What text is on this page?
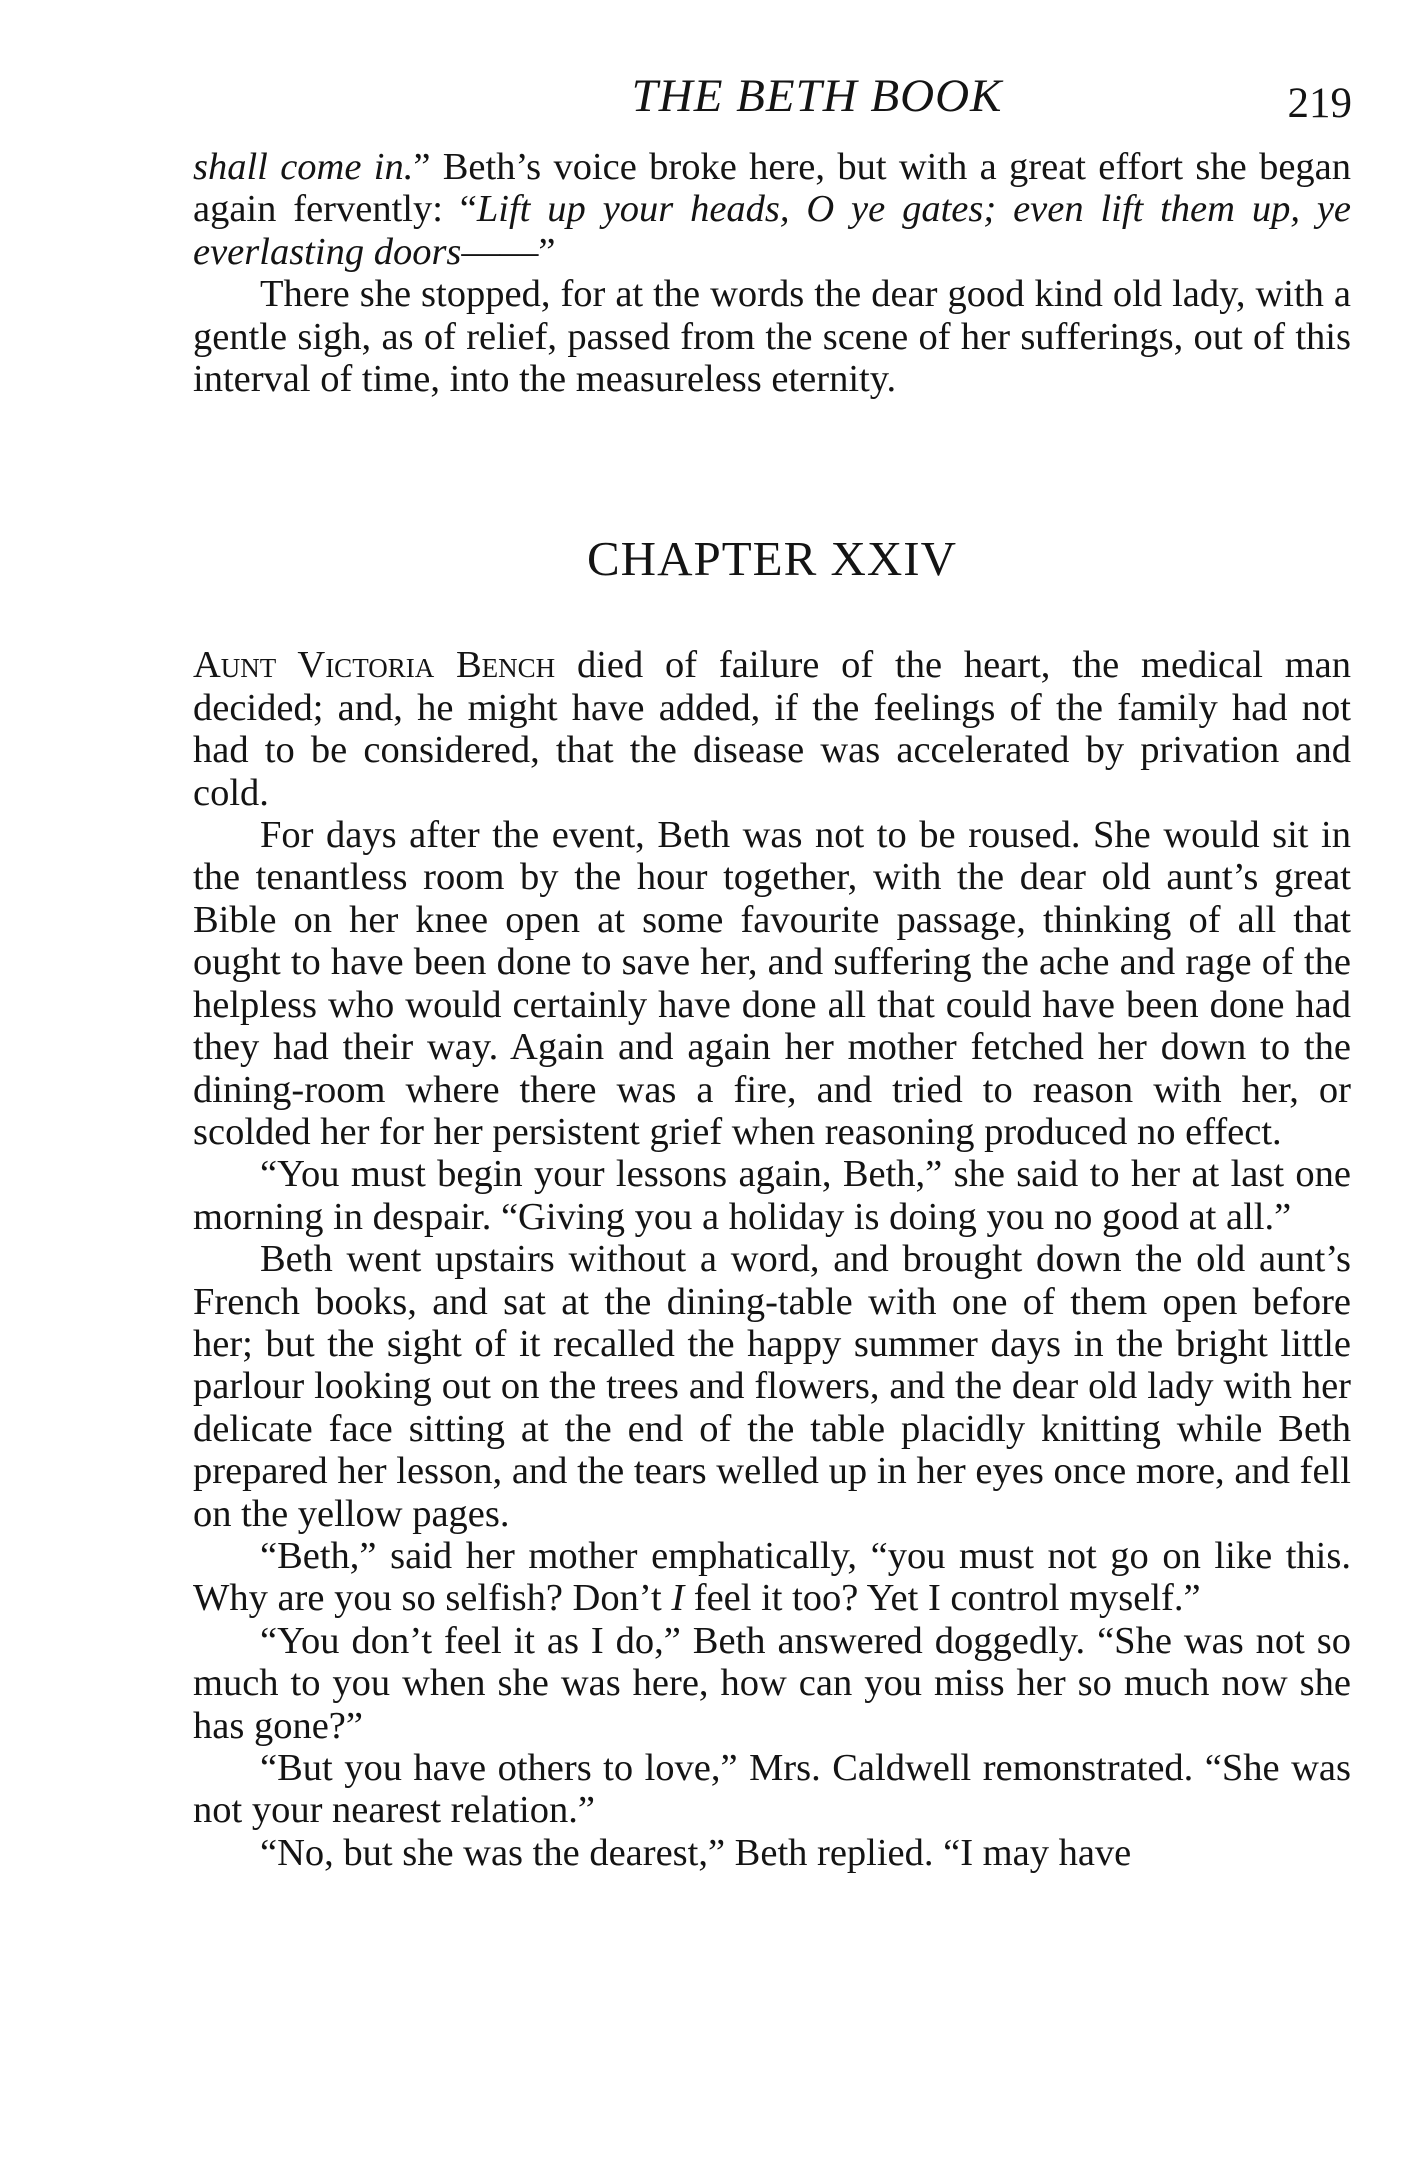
THE BETH BOOK	219

shall come in.” Beth’s voice broke here, but with a great effort she began again fervently: “Lift up your heads, O ye gates; even lift them up, ye everlasting doors——”

There she stopped, for at the words the dear good kind old lady, with a gentle sigh, as of relief, passed from the scene of her sufferings, out of this interval of time, into the measureless eternity.

CHAPTER XXIV

Aunt Victoria Bench died of failure of the heart, the medical man decided; and, he might have added, if the feelings of the family had not had to be considered, that the disease was accelerated by privation and cold.

For days after the event, Beth was not to be roused. She would sit in the tenantless room by the hour together, with the dear old aunt’s great Bible on her knee open at some favourite passage, thinking of all that ought to have been done to save her, and suffering the ache and rage of the helpless who would certainly have done all that could have been done had they had their way. Again and again her mother fetched her down to the dining-room where there was a fire, and tried to reason with her, or scolded her for her persistent grief when reasoning produced no effect.

“You must begin your lessons again, Beth,” she said to her at last one morning in despair. “Giving you a holiday is doing you no good at all.”

Beth went upstairs without a word, and brought down the old aunt’s French books, and sat at the dining-table with one of them open before her; but the sight of it recalled the happy summer days in the bright little parlour looking out on the trees and flowers, and the dear old lady with her delicate face sitting at the end of the table placidly knitting while Beth prepared her lesson, and the tears welled up in her eyes once more, and fell on the yellow pages.

“Beth,” said her mother emphatically, “you must not go on like this. Why are you so selfish? Don’t I feel it too? Yet I control myself.”

“You don’t feel it as I do,” Beth answered doggedly. “She was not so much to you when she was here, how can you miss her so much now she has gone?”

“But you have others to love,” Mrs. Caldwell remonstrated. “She was not your nearest relation.”

“No, but she was the dearest,” Beth replied. “I may have
